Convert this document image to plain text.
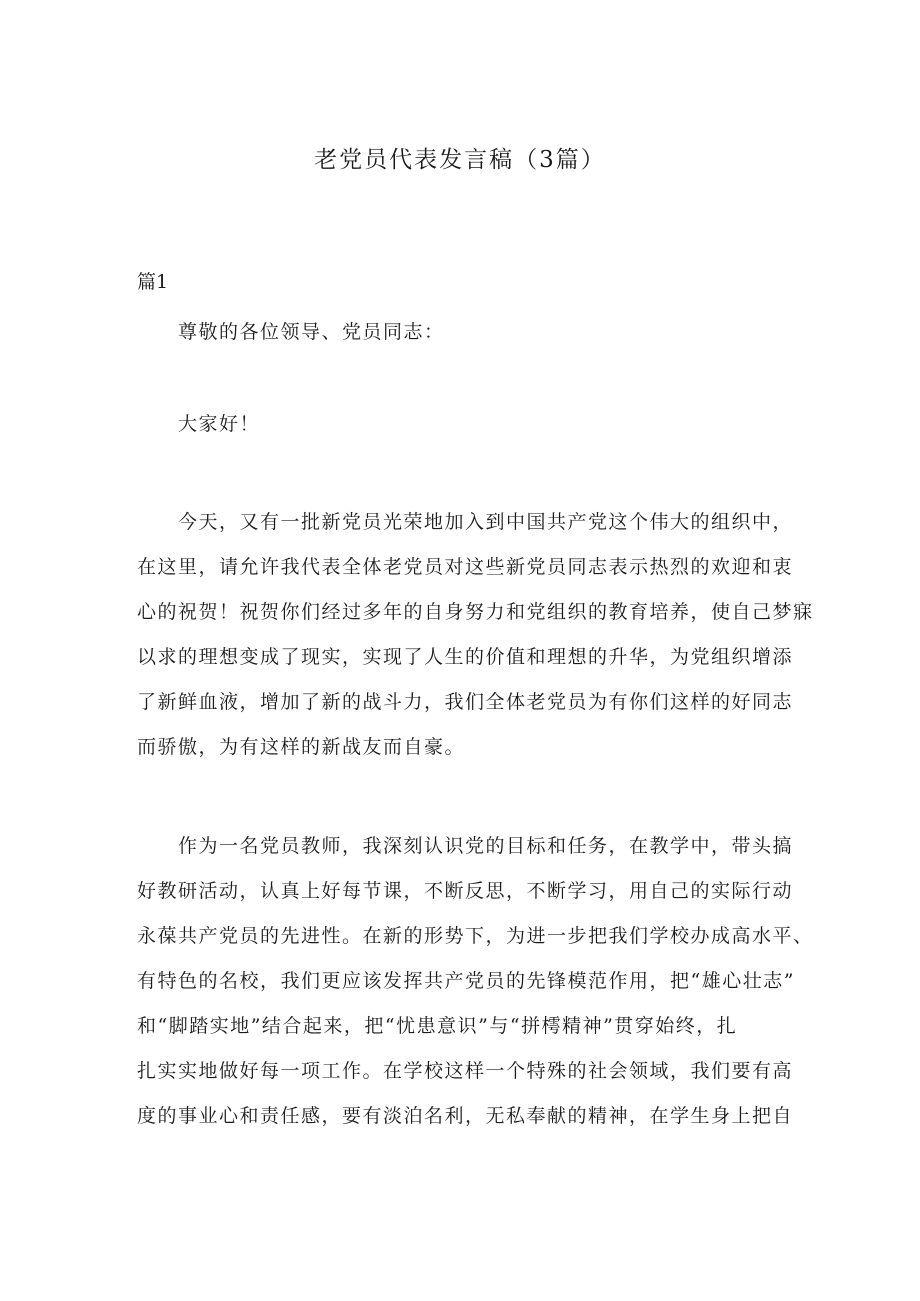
老党员代表发言稿（3篇）

篇1

尊敬的各位领导、党员同志：

大家好！

今天，又有一批新党员光荣地加入到中国共产党这个伟大的组织中，

在这里，请允许我代表全体老党员对这些新党员同志表示热烈的欢迎和衷

心的祝贺！祝贺你们经过多年的自身努力和党组织的教育培养，使自己梦寐

以求的理想变成了现实，实现了人生的价值和理想的升华，为党组织增添

了新鲜血液，增加了新的战斗力，我们全体老党员为有你们这样的好同志

而骄傲，为有这样的新战友而自豪。

作为一名党员教师，我深刻认识党的目标和任务，在教学中，带头搞

好教研活动，认真上好每节课，不断反思，不断学习，用自己的实际行动

永葆共产党员的先进性。在新的形势下，为进一步把我们学校办成高水平、

有特色的名校，我们更应该发挥共产党员的先锋模范作用，把“雄心壮志”

和“脚踏实地”结合起来，把“忧患意识”与“拼樗精神”贯穿始终，扎

扎实实地做好每一项工作。在学校这样一个特殊的社会领域，我们要有高

度的事业心和责任感，要有淡泊名利，无私奉献的精神，在学生身上把自
